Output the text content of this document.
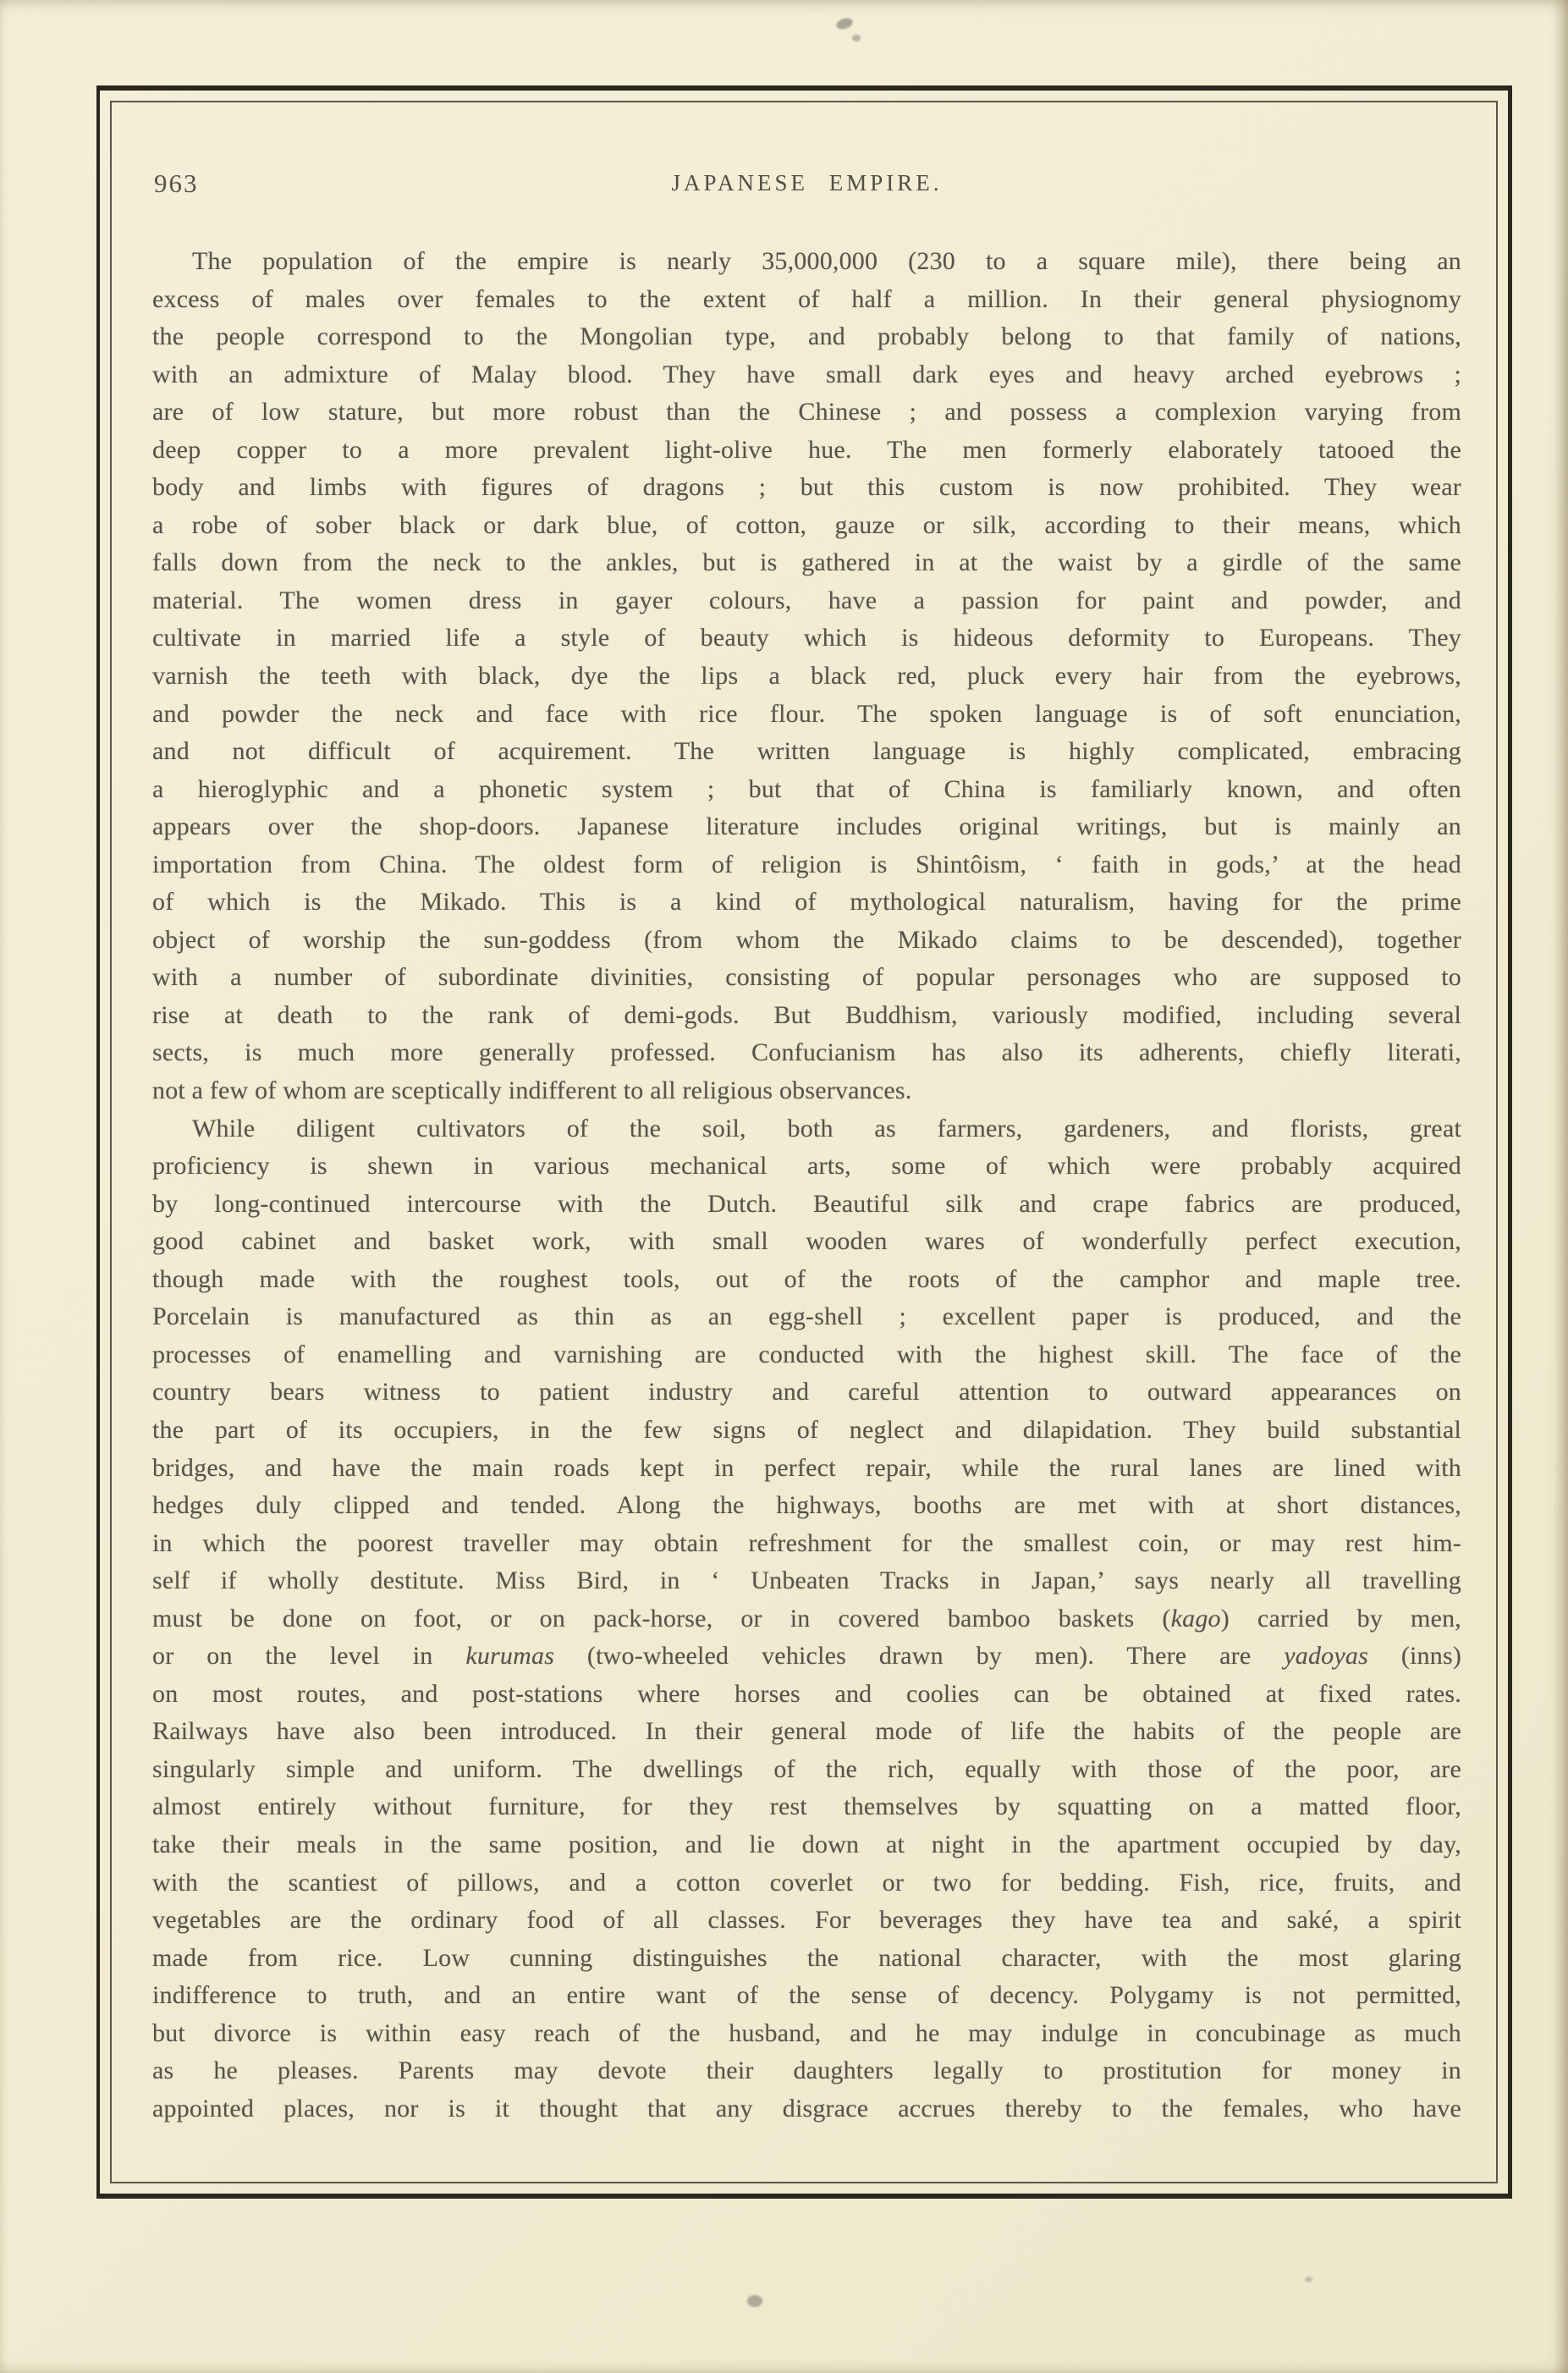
963	JAPANESE EMPIRE.
The population of the empire is nearly 35,000,000 (230 to a square mile), there being an
excess of males over females to the extent of half a million. In their general physiognomy
the people correspond to the Mongolian type, and probably belong to that family of nations,
with an admixture of Malay blood. They have small dark eyes and heavy arched eyebrows ;
are of low stature, but more robust than the Chinese ; and possess a complexion varying from
deep copper to a more prevalent light-olive hue. The men formerly elaborately tatooed the
body and limbs with figures of dragons ; but this custom is now prohibited. They wear
a robe of sober black or dark blue, of cotton, gauze or silk, according to their means, which
falls down from the neck to the ankles, but is gathered in at the waist by a girdle of the same
material. The women dress in gayer colours, have a passion for paint and powder, and
cultivate in married life a style of beauty which is hideous deformity to Europeans. They
varnish the teeth with black, dye the lips a black red, pluck every hair from the eyebrows,
and powder the neck and face with rice flour. The spoken language is of soft enunciation,
and not difficult of acquirement. The written language is highly complicated, embracing
a hieroglyphic and a phonetic system ; but that of China is familiarly known, and often
appears over the shop-doors. Japanese literature includes original writings, but is mainly an
importation from China. The oldest form of religion is Shintôism, ‘ faith in gods,’ at the head
of which is the Mikado. This is a kind of mythological naturalism, having for the prime
object of worship the sun-goddess (from whom the Mikado claims to be descended), together
with a number of subordinate divinities, consisting of popular personages who are supposed to
rise at death to the rank of demi-gods. But Buddhism, variously modified, including several
sects, is much more generally professed. Confucianism has also its adherents, chiefly literati,
not a few of whom are sceptically indifferent to all religious observances.
While diligent cultivators of the soil, both as farmers, gardeners, and florists, great
proficiency is shewn in various mechanical arts, some of which were probably acquired
by long-continued intercourse with the Dutch. Beautiful silk and crape fabrics are produced,
good cabinet and basket work, with small wooden wares of wonderfully perfect execution,
though made with the roughest tools, out of the roots of the camphor and maple tree.
Porcelain is manufactured as thin as an egg-shell ; excellent paper is produced, and the
processes of enamelling and varnishing are conducted with the highest skill. The face of the
country bears witness to patient industry and careful attention to outward appearances on
the part of its occupiers, in the few signs of neglect and dilapidation. They build substantial
bridges, and have the main roads kept in perfect repair, while the rural lanes are lined with
hedges duly clipped and tended. Along the highways, booths are met with at short distances,
in which the poorest traveller may obtain refreshment for the smallest coin, or may rest him-
self if wholly destitute. Miss Bird, in ‘ Unbeaten Tracks in Japan,’ says nearly all travelling
must be done on foot, or on pack-horse, or in covered bamboo baskets (kago) carried by men,
or on the level in kurumas (two-wheeled vehicles drawn by men). There are yadoyas (inns)
on most routes, and post-stations where horses and coolies can be obtained at fixed rates.
Railways have also been introduced. In their general mode of life the habits of the people are
singularly simple and uniform. The dwellings of the rich, equally with those of the poor, are
almost entirely without furniture, for they rest themselves by squatting on a matted floor,
take their meals in the same position, and lie down at night in the apartment occupied by day,
with the scantiest of pillows, and a cotton coverlet or two for bedding. Fish, rice, fruits, and
vegetables are the ordinary food of all classes. For beverages they have tea and saké, a spirit
made from rice. Low cunning distinguishes the national character, with the most glaring
indifference to truth, and an entire want of the sense of decency. Polygamy is not permitted,
but divorce is within easy reach of the husband, and he may indulge in concubinage as much
as he pleases. Parents may devote their daughters legally to prostitution for money in
appointed places, nor is it thought that any disgrace accrues thereby to the females, who have
